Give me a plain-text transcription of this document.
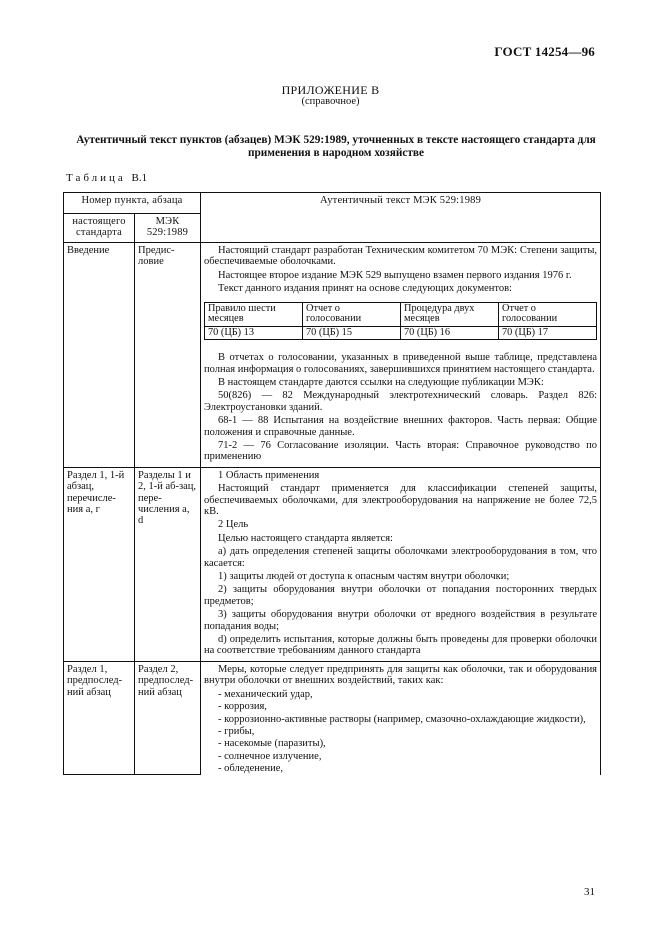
ГОСТ 14254—96
ПРИЛОЖЕНИЕ В
(справочное)
Аутентичный текст пунктов (абзацев) МЭК 529:1989, уточненных в тексте настоящего стандарта для применения в народном хозяйстве
Таблица В.1
Номер пункта, абзаца	Аутентичный текст МЭК 529:1989
настоящего стандарта	МЭК 529:1989
Введение	Предис-ловие	

Настоящий стандарт разработан Техническим комитетом 70 МЭК: Степени защиты, обеспечиваемые оболочками.

Настоящее второе издание МЭК 529 выпущено взамен первого издания 1976 г.

Текст данного издания принят на основе следующих документов:

Правило шести месяцев	Отчет о голосовании	Процедура двух месяцев	Отчет о голосовании
70 (ЦБ) 13	70 (ЦБ) 15	70 (ЦБ) 16	70 (ЦБ) 17

В отчетах о голосовании, указанных в приведенной выше таблице, представлена полная информация о голосованиях, завершившихся принятием настоящего стандарта.

В настоящем стандарте даются ссылки на следующие публикации МЭК:

50(826) — 82 Международный электротехнический словарь. Раздел 826: Электроустановки зданий.

68-1 — 88 Испытания на воздействие внешних факторов. Часть первая: Общие положения и справочные данные.

71-2 — 76 Согласование изоляции. Часть вторая: Справочное руководство по применению

Раздел 1, 1-й абзац, перечисле-ния а, г	Разделы 1 и 2, 1-й аб-зац, пере-числения а, d	

1 Область применения

Настоящий стандарт применяется для классификации степеней защиты, обеспечиваемых оболочками, для электрооборудования на напряжение не более 72,5 кВ.

2 Цель

Целью настоящего стандарта является:

а) дать определения степеней защиты оболочками электрооборудования в том, что касается:

1) защиты людей от доступа к опасным частям внутри оболочки;

2) защиты оборудования внутри оболочки от попадания посторонних твердых предметов;

3) защиты оборудования внутри оболочки от вредного воздействия в результате попадания воды;

d) определить испытания, которые должны быть проведены для проверки оболочки на соответствие требованиям данного стандарта

Раздел 1, предпослед-ний абзац	Раздел 2, предпослед-ний абзац	

Меры, которые следует предпринять для защиты как оболочки, так и оборудования внутри оболочки от внешних воздействий, таких как:

- механический удар,

- коррозия,

- коррозионно-активные растворы (например, смазочно-охлаждающие жидкости),

- грибы,

- насекомые (паразиты),

- солнечное излучение,

- обледенение,

31
